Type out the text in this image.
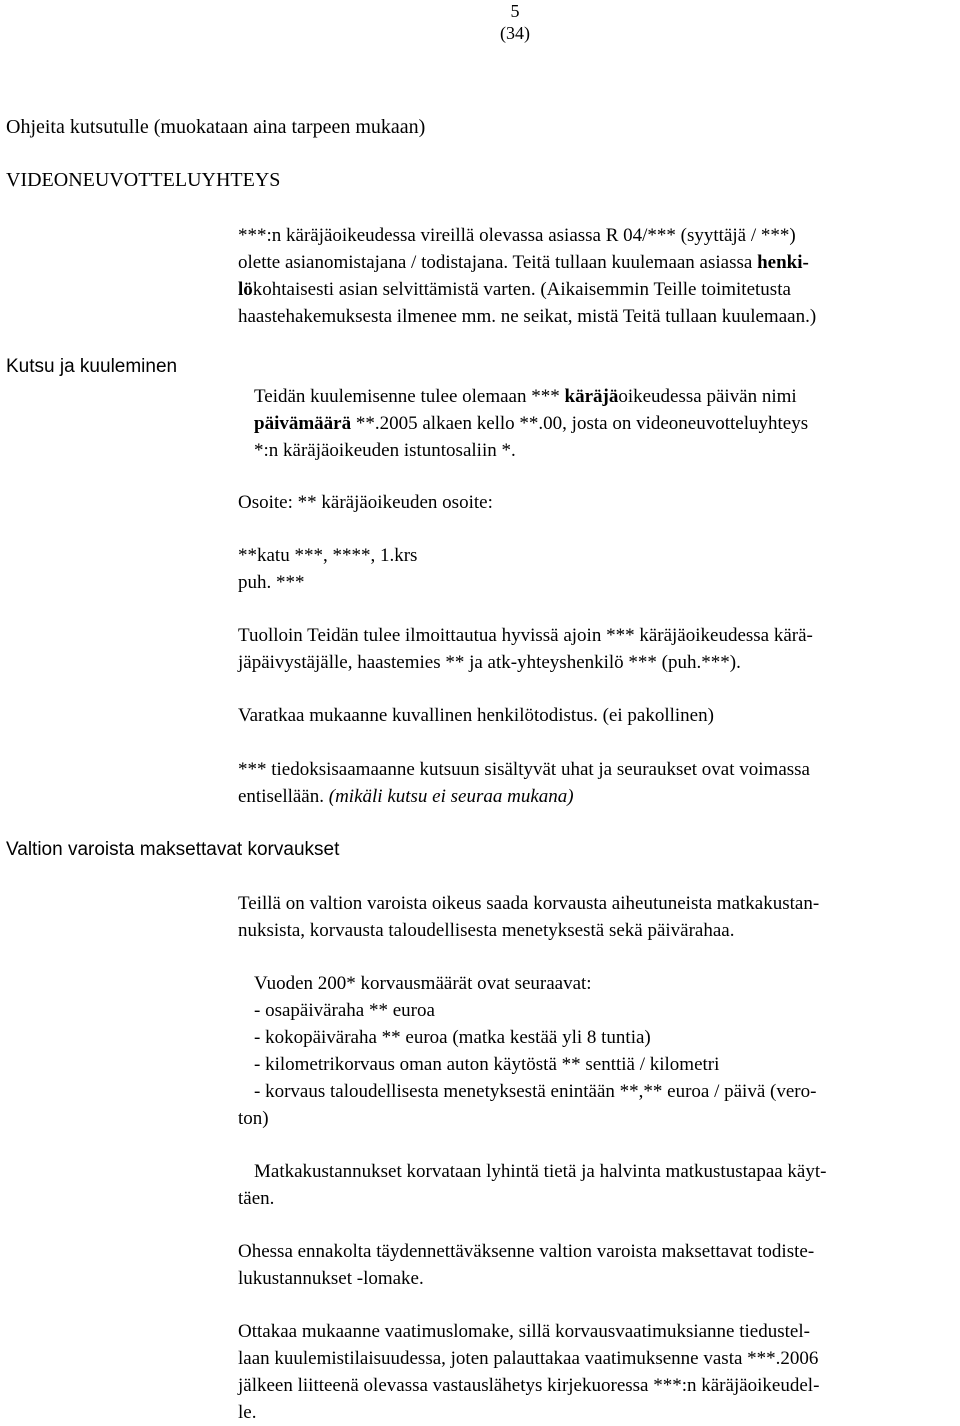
5
(34)
Ohjeita kutsutulle (muokataan aina tarpeen mukaan)
VIDEONEUVOTTELUYHTEYS
Kutsu ja kuuleminen
Valtion varoista maksettavat korvaukset

***:n käräjäoikeudessa vireillä olevassa asiassa R 04/*** (syyttäjä / ***)

olette asianomistajana / todistajana. Teitä tullaan kuulemaan asiassa henki-

lökohtaisesti asian selvittämistä varten. (Aikaisemmin Teille toimitetusta

haastehakemuksesta ilmenee mm. ne seikat, mistä Teitä tullaan kuulemaan.)

Teidän kuulemisenne tulee olemaan *** käräjäoikeudessa päivän nimi

päivämäärä **.2005 alkaen kello **.00, josta on videoneuvotteluyhteys

*:n käräjäoikeuden istuntosaliin *.

Osoite: ** käräjäoikeuden osoite:

**katu ***, ****, 1.krs

puh. ***

Tuolloin Teidän tulee ilmoittautua hyvissä ajoin *** käräjäoikeudessa kärä-

jäpäivystäjälle, haastemies ** ja atk-yhteyshenkilö *** (puh.***).

Varatkaa mukaanne kuvallinen henkilötodistus. (ei pakollinen)

*** tiedoksisaamaanne kutsuun sisältyvät uhat ja seuraukset ovat voimassa

entisellään. (mikäli kutsu ei seuraa mukana)

Teillä on valtion varoista oikeus saada korvausta aiheutuneista matkakustan-

nuksista, korvausta taloudellisesta menetyksestä sekä päivärahaa.

Vuoden 200* korvausmäärät ovat seuraavat:

- osapäiväraha ** euroa

- kokopäiväraha ** euroa (matka kestää yli 8 tuntia)

- kilometrikorvaus oman auton käytöstä ** senttiä / kilometri

- korvaus taloudellisesta menetyksestä enintään **,** euroa / päivä (vero-

ton)

Matkakustannukset korvataan lyhintä tietä ja halvinta matkustustapaa käyt-

täen.

Ohessa ennakolta täydennettäväksenne valtion varoista maksettavat todiste-

lukustannukset -lomake.

Ottakaa mukaanne vaatimuslomake, sillä korvausvaatimuksianne tiedustel-

laan kuulemistilaisuudessa, joten palauttakaa vaatimuksenne vasta ***.2006

jälkeen liitteenä olevassa vastauslähetys kirjekuoressa ***:n käräjäoikeudel-

le.
